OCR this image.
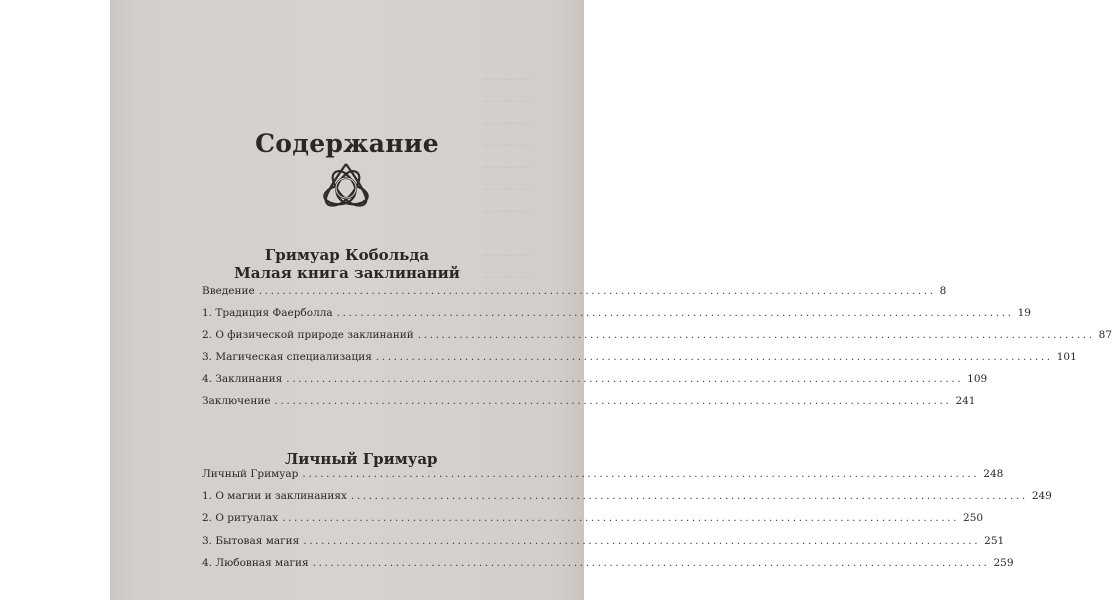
..............
..............
..............
..............
..............
..............
..............
..............
..............
Содержание
Гримуар Кобольда
Малая книга заклинаний
Введение .................................................................................................................. 8
1. Традиция Фаерболла .................................................................................................................. 19
2. О физической природе заклинаний .................................................................................................................. 87
3. Магическая специализация .................................................................................................................. 101
4. Заклинания .................................................................................................................. 109
Заключение .................................................................................................................. 241
Личный Гримуар
Личный Гримуар .................................................................................................................. 248
1. О магии и заклинаниях .................................................................................................................. 249
2. О ритуалах .................................................................................................................. 250
3. Бытовая магия .................................................................................................................. 251
4. Любовная магия .................................................................................................................. 259
